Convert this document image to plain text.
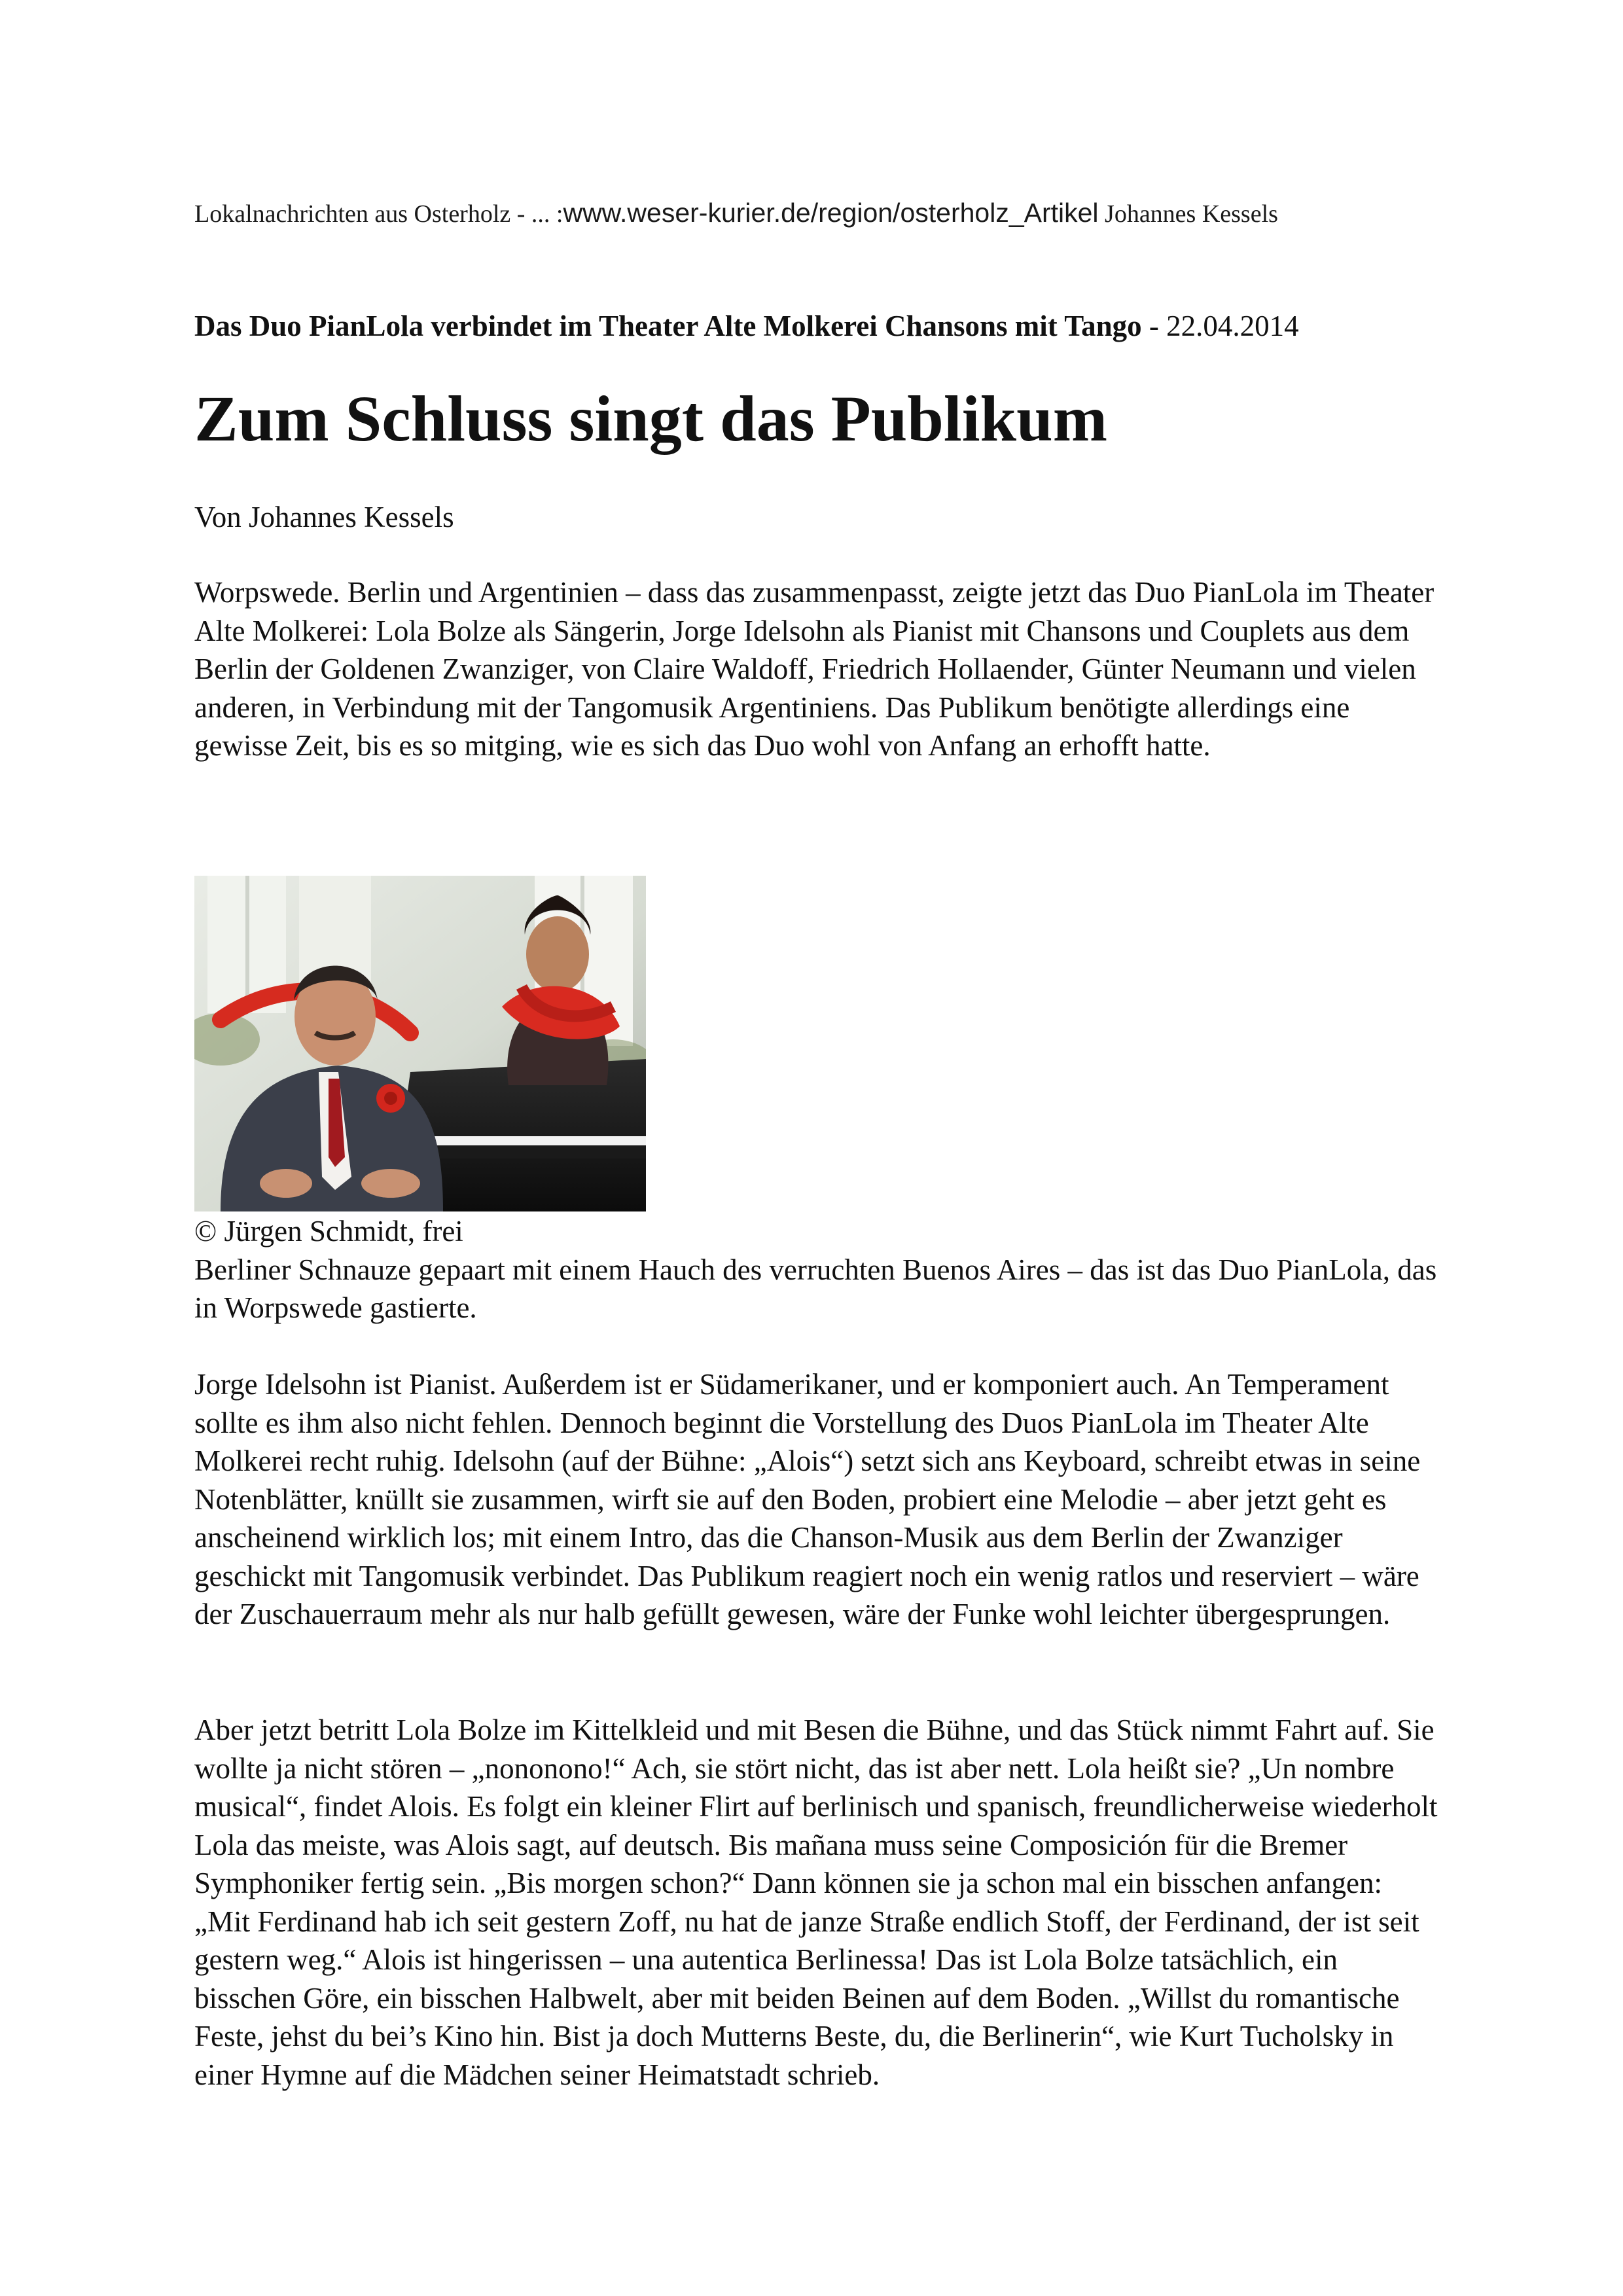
Lokalnachrichten aus Osterholz - ... :www.weser-kurier.de/region/osterholz_Artikel Johannes Kessels
Das Duo PianLola verbindet im Theater Alte Molkerei Chansons mit Tango - 22.04.2014
Zum Schluss singt das Publikum
Von Johannes Kessels

Worpswede. Berlin und Argentinien – dass das zusammenpasst, zeigte jetzt das Duo PianLola im Theater Alte Molkerei: Lola Bolze als Sängerin, Jorge Idelsohn als Pianist mit Chansons und Couplets aus dem Berlin der Goldenen Zwanziger, von Claire Waldoff, Friedrich Hollaender, Günter Neumann und vielen anderen, in Verbindung mit der Tangomusik Argentiniens. Das Publikum benötigte allerdings eine gewisse Zeit, bis es so mitging, wie es sich das Duo wohl von Anfang an erhofft hatte.

© Jürgen Schmidt, frei
Berliner Schnauze gepaart mit einem Hauch des verruchten Buenos Aires – das ist das Duo PianLola, das in Worpswede gastierte.

Jorge Idelsohn ist Pianist. Außerdem ist er Südamerikaner, und er komponiert auch. An Temperament sollte es ihm also nicht fehlen. Dennoch beginnt die Vorstellung des Duos PianLola im Theater Alte Molkerei recht ruhig. Idelsohn (auf der Bühne: „Alois“) setzt sich ans Keyboard, schreibt etwas in seine Notenblätter, knüllt sie zusammen, wirft sie auf den Boden, probiert eine Melodie – aber jetzt geht es anscheinend wirklich los; mit einem Intro, das die Chanson-Musik aus dem Berlin der Zwanziger geschickt mit Tangomusik verbindet. Das Publikum reagiert noch ein wenig ratlos und reserviert – wäre der Zuschauerraum mehr als nur halb gefüllt gewesen, wäre der Funke wohl leichter übergesprungen.

Aber jetzt betritt Lola Bolze im Kittelkleid und mit Besen die Bühne, und das Stück nimmt Fahrt auf. Sie wollte ja nicht stören – „nononono!“ Ach, sie stört nicht, das ist aber nett. Lola heißt sie? „Un nombre musical“, findet Alois. Es folgt ein kleiner Flirt auf berlinisch und spanisch, freundlicherweise wiederholt Lola das meiste, was Alois sagt, auf deutsch. Bis mañana muss seine Composición für die Bremer Symphoniker fertig sein. „Bis morgen schon?“ Dann können sie ja schon mal ein bisschen anfangen: „Mit Ferdinand hab ich seit gestern Zoff, nu hat de janze Straße endlich Stoff, der Ferdinand, der ist seit gestern weg.“ Alois ist hingerissen – una autentica Berlinessa! Das ist Lola Bolze tatsächlich, ein bisschen Göre, ein bisschen Halbwelt, aber mit beiden Beinen auf dem Boden. „Willst du romantische Feste, jehst du bei’s Kino hin. Bist ja doch Mutterns Beste, du, die Berlinerin“, wie Kurt Tucholsky in einer Hymne auf die Mädchen seiner Heimatstadt schrieb.
